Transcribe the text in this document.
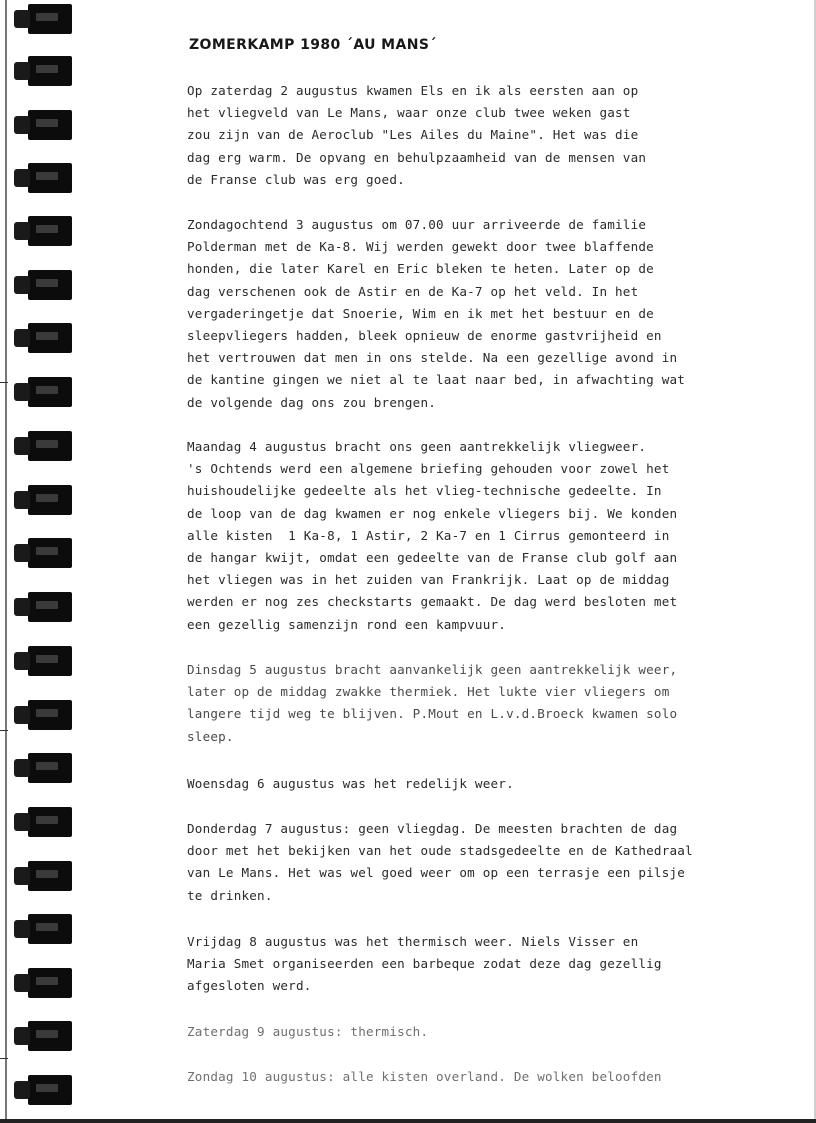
ZOMERKAMP 1980 ´AU MANS´
Op zaterdag 2 augustus kwamen Els en ik als eersten aan op
het vliegveld van Le Mans, waar onze club twee weken gast
zou zijn van de Aeroclub "Les Ailes du Maine". Het was die
dag erg warm. De opvang en behulpzaamheid van de mensen van
de Franse club was erg goed.
Zondagochtend 3 augustus om 07.00 uur arriveerde de familie
Polderman met de Ka-8. Wij werden gewekt door twee blaffende
honden, die later Karel en Eric bleken te heten. Later op de
dag verschenen ook de Astir en de Ka-7 op het veld. In het
vergaderingetje dat Snoerie, Wim en ik met het bestuur en de
sleepvliegers hadden, bleek opnieuw de enorme gastvrijheid en
het vertrouwen dat men in ons stelde. Na een gezellige avond in
de kantine gingen we niet al te laat naar bed, in afwachting wat
de volgende dag ons zou brengen.
Maandag 4 augustus bracht ons geen aantrekkelijk vliegweer.
's Ochtends werd een algemene briefing gehouden voor zowel het
huishoudelijke gedeelte als het vlieg-technische gedeelte. In
de loop van de dag kwamen er nog enkele vliegers bij. We konden
alle kisten  1 Ka-8, 1 Astir, 2 Ka-7 en 1 Cirrus gemonteerd in
de hangar kwijt, omdat een gedeelte van de Franse club golf aan
het vliegen was in het zuiden van Frankrijk. Laat op de middag
werden er nog zes checkstarts gemaakt. De dag werd besloten met
een gezellig samenzijn rond een kampvuur.
Dinsdag 5 augustus bracht aanvankelijk geen aantrekkelijk weer,
later op de middag zwakke thermiek. Het lukte vier vliegers om
langere tijd weg te blijven. P.Mout en L.v.d.Broeck kwamen solo
sleep.
Woensdag 6 augustus was het redelijk weer.
Donderdag 7 augustus: geen vliegdag. De meesten brachten de dag
door met het bekijken van het oude stadsgedeelte en de Kathedraal
van Le Mans. Het was wel goed weer om op een terrasje een pilsje
te drinken.
Vrijdag 8 augustus was het thermisch weer. Niels Visser en
Maria Smet organiseerden een barbeque zodat deze dag gezellig
afgesloten werd.
Zaterdag 9 augustus: thermisch.
Zondag 10 augustus: alle kisten overland. De wolken beloofden
